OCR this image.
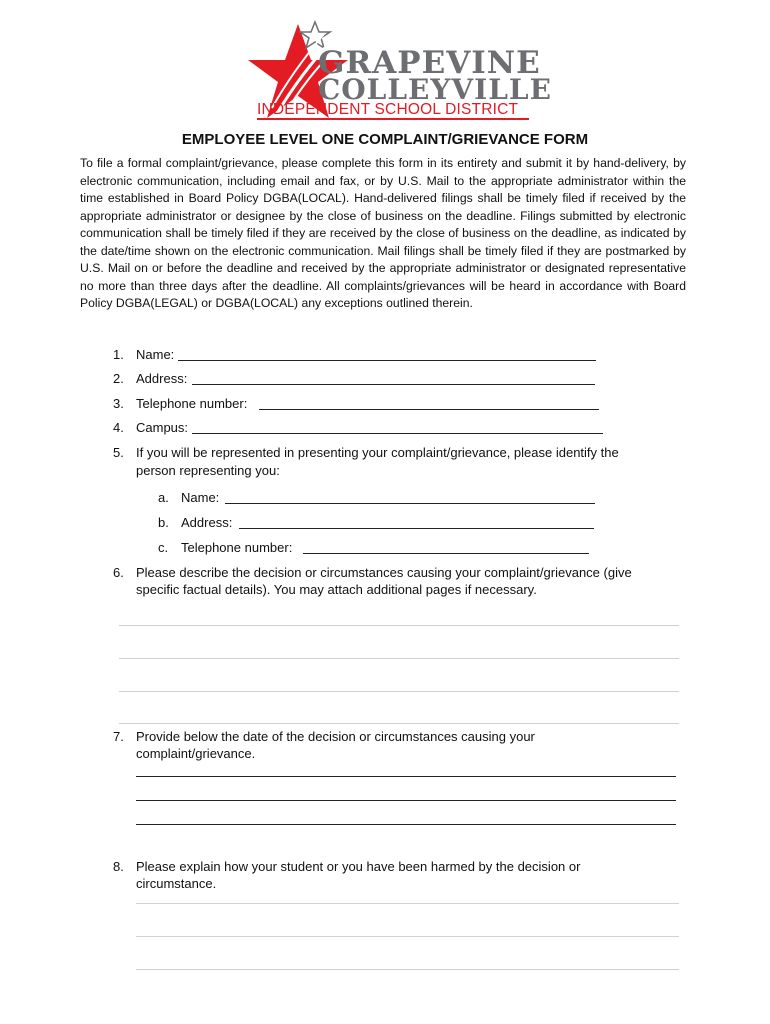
GRAPEVINE
COLLEYVILLE
INDEPENDENT SCHOOL DISTRICT
EMPLOYEE LEVEL ONE COMPLAINT/GRIEVANCE FORM
To file a formal complaint/grievance, please complete this form in its entirety and submit it by hand-delivery, by electronic communication, including email and fax, or by U.S. Mail to the appropriate administrator within the time established in Board Policy DGBA(LOCAL). Hand-delivered filings shall be timely filed if received by the appropriate administrator or designee by the close of business on the deadline. Filings submitted by electronic communication shall be timely filed if they are received by the close of business on the deadline, as indicated by the date/time shown on the electronic communication. Mail filings shall be timely filed if they are postmarked by U.S. Mail on or before the deadline and received by the appropriate administrator or designated representative no more than three days after the deadline. All complaints/grievances will be heard in accordance with Board Policy DGBA(LEGAL) or DGBA(LOCAL) any exceptions outlined therein.
1. Name:
2. Address:
3. Telephone number:
4. Campus:
5. If you will be represented in presenting your complaint/grievance, please identify the
person representing you:
a. Name:
b. Address:
c. Telephone number:
6. Please describe the decision or circumstances causing your complaint/grievance (give
specific factual details). You may attach additional pages if necessary.
7. Provide below the date of the decision or circumstances causing your
complaint/grievance.
8. Please explain how your student or you have been harmed by the decision or
circumstance.
